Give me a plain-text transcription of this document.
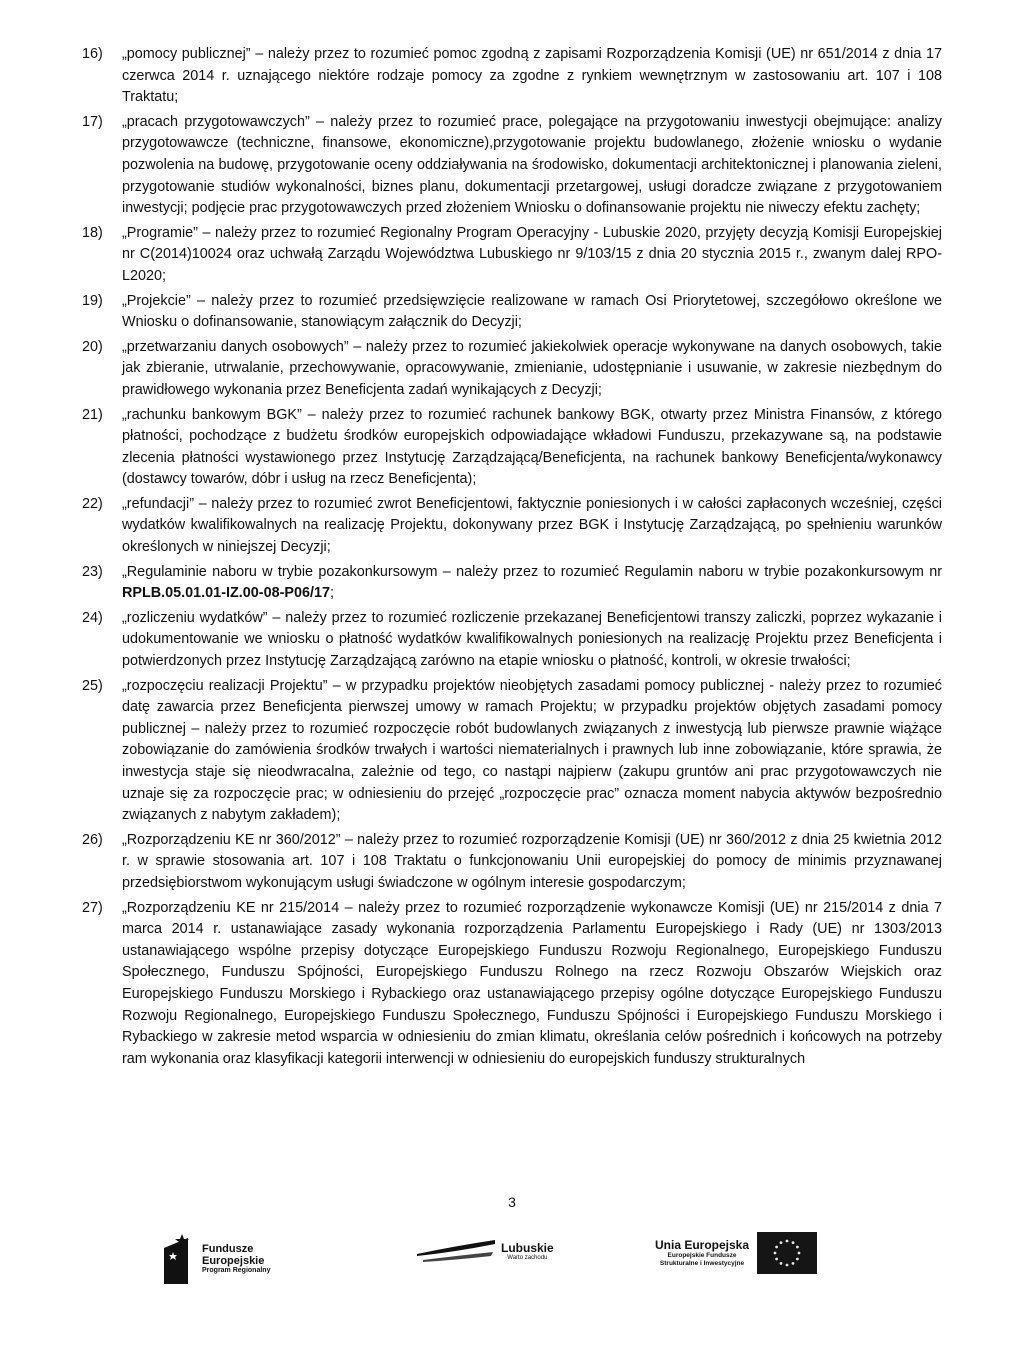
16)	„pomocy publicznej” – należy przez to rozumieć pomoc zgodną z zapisami Rozporządzenia Komisji (UE) nr 651/2014 z dnia 17 czerwca 2014 r. uznającego niektóre rodzaje pomocy za zgodne z rynkiem wewnętrznym w zastosowaniu art. 107 i 108 Traktatu;
17)	„pracach przygotowawczych” – należy przez to rozumieć prace, polegające na przygotowaniu inwestycji obejmujące: analizy przygotowawcze (techniczne, finansowe, ekonomiczne),przygotowanie projektu budowlanego, złożenie wniosku o wydanie pozwolenia na budowę, przygotowanie oceny oddziaływania na środowisko, dokumentacji architektonicznej i planowania zieleni, przygotowanie studiów wykonalności, biznes planu, dokumentacji przetargowej, usługi doradcze związane z przygotowaniem inwestycji; podjęcie prac przygotowawczych przed złożeniem Wniosku o dofinansowanie projektu nie niweczy efektu zachęty;
18)	„Programie” – należy przez to rozumieć Regionalny Program Operacyjny - Lubuskie 2020, przyjęty decyzją Komisji Europejskiej nr C(2014)10024 oraz uchwałą Zarządu Województwa Lubuskiego nr 9/103/15 z dnia 20 stycznia 2015 r., zwanym dalej RPO-L2020;
19)	„Projekcie” – należy przez to rozumieć przedsięwzięcie realizowane w ramach Osi Priorytetowej, szczegółowo określone we Wniosku o dofinansowanie, stanowiącym załącznik do Decyzji;
20)	„przetwarzaniu danych osobowych” – należy przez to rozumieć jakiekolwiek operacje wykonywane na danych osobowych, takie jak zbieranie, utrwalanie, przechowywanie, opracowywanie, zmienianie, udostępnianie i usuwanie, w zakresie niezbędnym do prawidłowego wykonania przez Beneficjenta zadań wynikających z Decyzji;
21)	„rachunku bankowym BGK” – należy przez to rozumieć rachunek bankowy BGK, otwarty przez Ministra Finansów, z którego płatności, pochodzące z budżetu środków europejskich odpowiadające wkładowi Funduszu, przekazywane są, na podstawie zlecenia płatności wystawionego przez Instytucję Zarządzającą/Beneficjenta, na rachunek bankowy Beneficjenta/wykonawcy (dostawcy towarów, dóbr i usług na rzecz Beneficjenta);
22)	„refundacji” – należy przez to rozumieć zwrot Beneficjentowi, faktycznie poniesionych i w całości zapłaconych wcześniej, części wydatków kwalifikowalnych na realizację Projektu, dokonywany przez BGK i Instytucję Zarządzającą, po spełnieniu warunków określonych w niniejszej Decyzji;
23)	„Regulaminie naboru w trybie pozakonkursowym – należy przez to rozumieć Regulamin naboru w trybie pozakonkursowym nr RPLB.05.01.01-IZ.00-08-P06/17;
24)	„rozliczeniu wydatków” – należy przez to rozumieć rozliczenie przekazanej Beneficjentowi transzy zaliczki, poprzez wykazanie i udokumentowanie we wniosku o płatność wydatków kwalifikowalnych poniesionych na realizację Projektu przez Beneficjenta i potwierdzonych przez Instytucję Zarządzającą zarówno na etapie wniosku o płatność, kontroli, w okresie trwałości;
25)	„rozpoczęciu realizacji Projektu” – w przypadku projektów nieobjętych zasadami pomocy publicznej - należy przez to rozumieć datę zawarcia przez Beneficjenta pierwszej umowy w ramach Projektu; w przypadku projektów objętych zasadami pomocy publicznej – należy przez to rozumieć rozpoczęcie robót budowlanych związanych z inwestycją lub pierwsze prawnie wiążące zobowiązanie do zamówienia środków trwałych i wartości niematerialnych i prawnych lub inne zobowiązanie, które sprawia, że inwestycja staje się nieodwracalna, zależnie od tego, co nastąpi najpierw (zakupu gruntów ani prac przygotowawczych nie uznaje się za rozpoczęcie prac; w odniesieniu do przejęć „rozpoczęcie prac” oznacza moment nabycia aktywów bezpośrednio związanych z nabytym zakładem);
26)	„Rozporządzeniu KE nr 360/2012” – należy przez to rozumieć rozporządzenie Komisji (UE) nr 360/2012 z dnia 25 kwietnia 2012 r. w sprawie stosowania art. 107 i 108 Traktatu o funkcjonowaniu Unii europejskiej do pomocy de minimis przyznawanej przedsiębiorstwom wykonującym usługi świadczone w ogólnym interesie gospodarczym;
27)	„Rozporządzeniu KE nr 215/2014 – należy przez to rozumieć rozporządzenie wykonawcze Komisji (UE) nr 215/2014 z dnia 7 marca 2014 r. ustanawiające zasady wykonania rozporządzenia Parlamentu Europejskiego i Rady (UE) nr 1303/2013 ustanawiającego wspólne przepisy dotyczące Europejskiego Funduszu Rozwoju Regionalnego, Europejskiego Funduszu Społecznego, Funduszu Spójności, Europejskiego Funduszu Rolnego na rzecz Rozwoju Obszarów Wiejskich oraz Europejskiego Funduszu Morskiego i Rybackiego oraz ustanawiającego przepisy ogólne dotyczące Europejskiego Funduszu Rozwoju Regionalnego, Europejskiego Funduszu Społecznego, Funduszu Spójności i Europejskiego Funduszu Morskiego i Rybackiego w zakresie metod wsparcia w odniesieniu do zmian klimatu, określania celów pośrednich i końcowych na potrzeby ram wykonania oraz klasyfikacji kategorii interwencji w odniesieniu do europejskich funduszy strukturalnych
3
Fundusze
Europejskie
Program Regionalny
Lubuskie
Warto zachodu
Unia Europejska
Europejskie Fundusze
Strukturalne i Inwestycyjne
